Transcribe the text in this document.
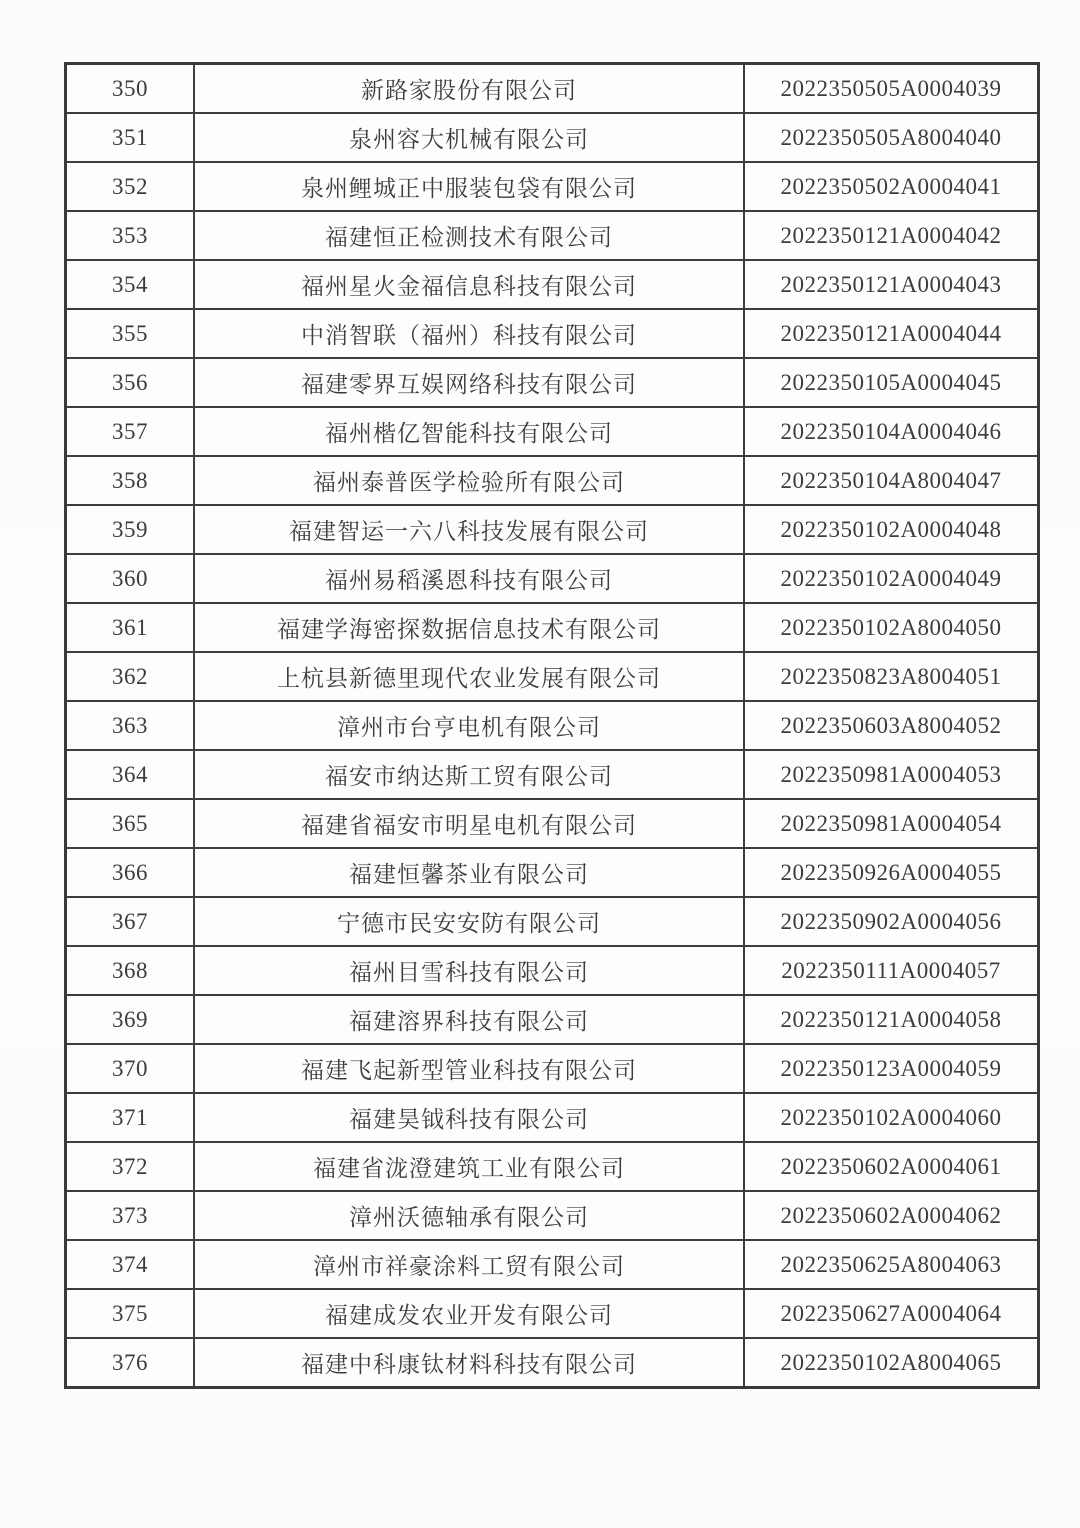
350	新路家股份有限公司	2022350505A0004039
351	泉州容大机械有限公司	2022350505A8004040
352	泉州鲤城正中服装包袋有限公司	2022350502A0004041
353	福建恒正检测技术有限公司	2022350121A0004042
354	福州星火金福信息科技有限公司	2022350121A0004043
355	中消智联（福州）科技有限公司	2022350121A0004044
356	福建零界互娱网络科技有限公司	2022350105A0004045
357	福州楷亿智能科技有限公司	2022350104A0004046
358	福州泰普医学检验所有限公司	2022350104A8004047
359	福建智运一六八科技发展有限公司	2022350102A0004048
360	福州易稻溪恩科技有限公司	2022350102A0004049
361	福建学海密探数据信息技术有限公司	2022350102A8004050
362	上杭县新德里现代农业发展有限公司	2022350823A8004051
363	漳州市台亨电机有限公司	2022350603A8004052
364	福安市纳达斯工贸有限公司	2022350981A0004053
365	福建省福安市明星电机有限公司	2022350981A0004054
366	福建恒馨茶业有限公司	2022350926A0004055
367	宁德市民安安防有限公司	2022350902A0004056
368	福州目雪科技有限公司	2022350111A0004057
369	福建溶界科技有限公司	2022350121A0004058
370	福建飞起新型管业科技有限公司	2022350123A0004059
371	福建昊钺科技有限公司	2022350102A0004060
372	福建省泷澄建筑工业有限公司	2022350602A0004061
373	漳州沃德轴承有限公司	2022350602A0004062
374	漳州市祥豪涂料工贸有限公司	2022350625A8004063
375	福建成发农业开发有限公司	2022350627A0004064
376	福建中科康钛材料科技有限公司	2022350102A8004065
